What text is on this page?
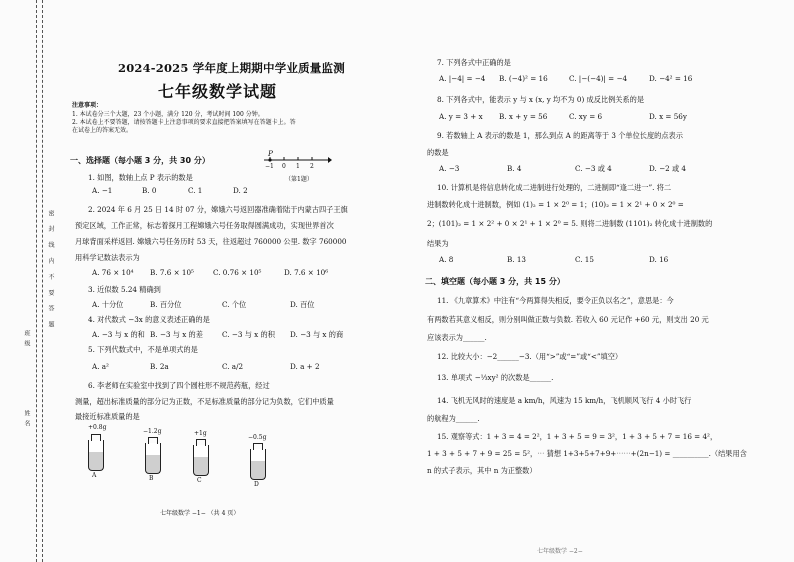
密 封 线 内 不 要 答 题
班级
姓名
2024-2025 学年度上期期中学业质量监测
七年级数学试题
注意事项：
1. 本试卷分三个大题，23 个小题，满分 120 分，考试时间 100 分钟。
2. 本试卷上不要答题，请按答题卡上注意事项的要求直接把答案填写在答题卡上。答
在试卷上的答案无效。
一、选择题（每小题 3 分，共 30 分）
P
−1 0 1 2
（第1题）
1. 如图，数轴上点 P 表示的数是
A. −1	B. 0	C. 1	D. 2
2. 2024 年 6 月 25 日 14 时 07 分，嫦娥六号返回器准确着陆于内蒙古四子王旗
预定区域，工作正常，标志着探月工程嫦娥六号任务取得圆满成功，实现世界首次
月球背面采样返回. 嫦娥六号任务历时 53 天，往返超过 760000 公里. 数字 760000
用科学记数法表示为
A. 76 × 10⁴ B. 7.6 × 10⁵	C. 0.76 × 10⁵	D. 7.6 × 10⁶
3. 近似数 5.24 精确到
A. 十分位	B. 百分位	C. 个位	D. 百位
4. 对代数式 −3x 的意义表述正确的是
A. −3 与 x 的和 B. −3 与 x 的差	C. −3 与 x 的积 D. −3 与 x 的商
5. 下列代数式中，不是单项式的是
A. a²	B. 2a	C. a/2	D. a + 2
6. 李老师在实验室中找到了四个圆柱形不规范药瓶，经过
测量，超出标准质量的部分记为正数，不足标准质量的部分记为负数，它们中质量
最接近标准质量的是
+0.8g
A
−1.2g
B
+1g
C
−0.5g
D
七年级数学 −1− （共 4 页）
7. 下列各式中正确的是
A. |−4| = −4 B. (−4)² = 16	C. |−(−4)| = −4	D. −4² = 16
8. 下列各式中，能表示 y 与 x (x, y 均不为 0) 成反比例关系的是
A. y = 3 + x B. x + y = 56	C. xy = 6	D. x = 56y
9. 若数轴上 A 表示的数是 1，那么到点 A 的距离等于 3 个单位长度的点表示
的数是
A. −3	B. 4	C. −3 或 4	D. −2 或 4
10. 计算机是将信息转化成二进制进行处理的，二进制即“逢二进一”. 将二
进制数转化成十进制数，例如 (1)₂ = 1 × 2⁰ = 1；(10)₂ = 1 × 2¹ + 0 × 2⁰ =
2；(101)₂ = 1 × 2² + 0 × 2¹ + 1 × 2⁰ = 5. 则将二进制数 (1101)₂ 转化成十进制数的
结果为
A. 8	B. 13	C. 15	D. 16
二、填空题（每小题 3 分，共 15 分）
11. 《九章算术》中注有“今两算得失相反，要令正负以名之”，意思是：今
有两数若其意义相反，则分别叫做正数与负数. 若收入 60 元记作 +60 元，则支出 20 元
应该表示为______.
12. 比较大小：−2______−3.（用“>”或“=”或“<”填空）
13. 单项式 −⅓xy² 的次数是______.
14. 飞机无风时的速度是 a km/h，风速为 15 km/h，飞机顺风飞行 4 小时飞行
的航程为______.
15. 观察等式：1 + 3 = 4 = 2²，1 + 3 + 5 = 9 = 3²，1 + 3 + 5 + 7 = 16 = 4²，
1 + 3 + 5 + 7 + 9 = 25 = 5²，⋯ 猜想 1+3+5+7+9+⋯⋯+(2n−1) = __________.（结果用含
n 的式子表示，其中 n 为正整数）
七年级数学 −2−
